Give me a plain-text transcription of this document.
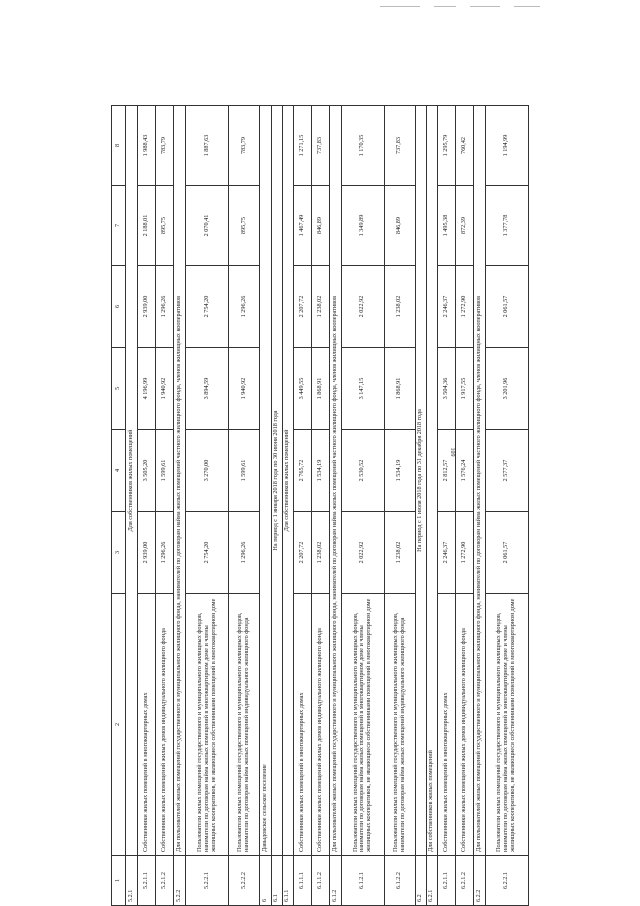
109
1	2	3	4	5	6	7	8
5.2.1	Для собственников жилых помещений						
5.2.1.1	Собственники жилых помещений в многоквартирных домах	2 939,00	3 505,20	4 196,99	2 939,00	2 188,01	1 988,43
5.2.1.2	Собственники жилых помещений жилых домов индивидуального жилищного фонда	1 296,26	1 599,61	1 940,92	1 296,26	895,75	783,79
5.2.2	Для пользователей жилых помещений государственного и муниципального жилищного фонда, нанимателей по договорам найма жилых помещений частного жилищного фонда, членов жилищных кооперативов						
5.2.2.1	Пользователи жилых помещений государственного и муниципального жилищных фондов, наниматели по договорам найма жилых помещений в многоквартирном доме и члены жилищных кооперативов, не являющиеся собственниками помещений в многоквартирном доме	2 754,20	3 270,00	3 894,59	2 754,20	2 070,41	1 887,63
5.2.2.2	Пользователи жилых помещений государственного и муниципального жилищных фондов, наниматели по договорам найма жилых помещений индивидуального жилищного фонда	1 296,26	1 599,61	1 940,92	1 296,26	895,75	783,79
6	Давыдовское сельское поселение						
6.1	На период с 1 января 2018 года по 30 июня 2018 года						
6.1.1	Для собственников жилых помещений						
6.1.1.1	Собственники жилых помещений в многоквартирных домах	2 207,72	2 765,72	3 449,55	2 207,72	1 467,49	1 271,15
6.1.1.2	Собственники жилых помещений жилых домов индивидуального жилищного фонда	1 238,02	1 534,19	1 868,91	1 238,02	846,89	737,83
6.1.2	Для пользователей жилых помещений государственного и муниципального жилищного фонда, нанимателей по договорам найма жилых помещений частного жилищного фонда, членов жилищных кооперативов						
6.1.2.1	Пользователи жилых помещений государственного и муниципального жилищных фондов, наниматели по договорам найма жилых помещений в многоквартирном доме и члены жилищных кооперативов, не являющиеся собственниками помещений в многоквартирном доме	2 022,92	2 530,52	3 147,15	2 022,92	1 349,89	1 170,35
6.1.2.2	Пользователи жилых помещений государственного и муниципального жилищных фондов, наниматели по договорам найма жилых помещений индивидуального жилищного фонда	1 238,02	1 534,19	1 868,91	1 238,02	846,89	737,83
6.2	На период с 1 июля 2018 года по 31 декабря 2018 года						
6.2.1	Для собственников жилых помещений						
6.2.1.1	Собственники жилых помещений в многоквартирных домах	2 246,37	2 812,57	3 504,36	2 246,37	1 495,38	1 295,79
6.2.1.2	Собственники жилых помещений жилых домов индивидуального жилищного фонда	1 272,90	1 576,24	1 917,55	1 272,90	872,39	760,42
6.2.2	Для пользователей жилых помещений государственного и муниципального жилищного фонда, нанимателей по договорам найма жилых помещений частного жилищного фонда, членов жилищных кооперативов						
6.2.2.1	Пользователи жилых помещений государственного и муниципального жилищных фондов, наниматели по договорам найма жилых помещений в многоквартирном доме и члены жилищных кооперативов, не являющиеся собственниками помещений в многоквартирном доме	2 061,57	2 577,37	3 201,96	2 061,57	1 377,78	1 194,99
